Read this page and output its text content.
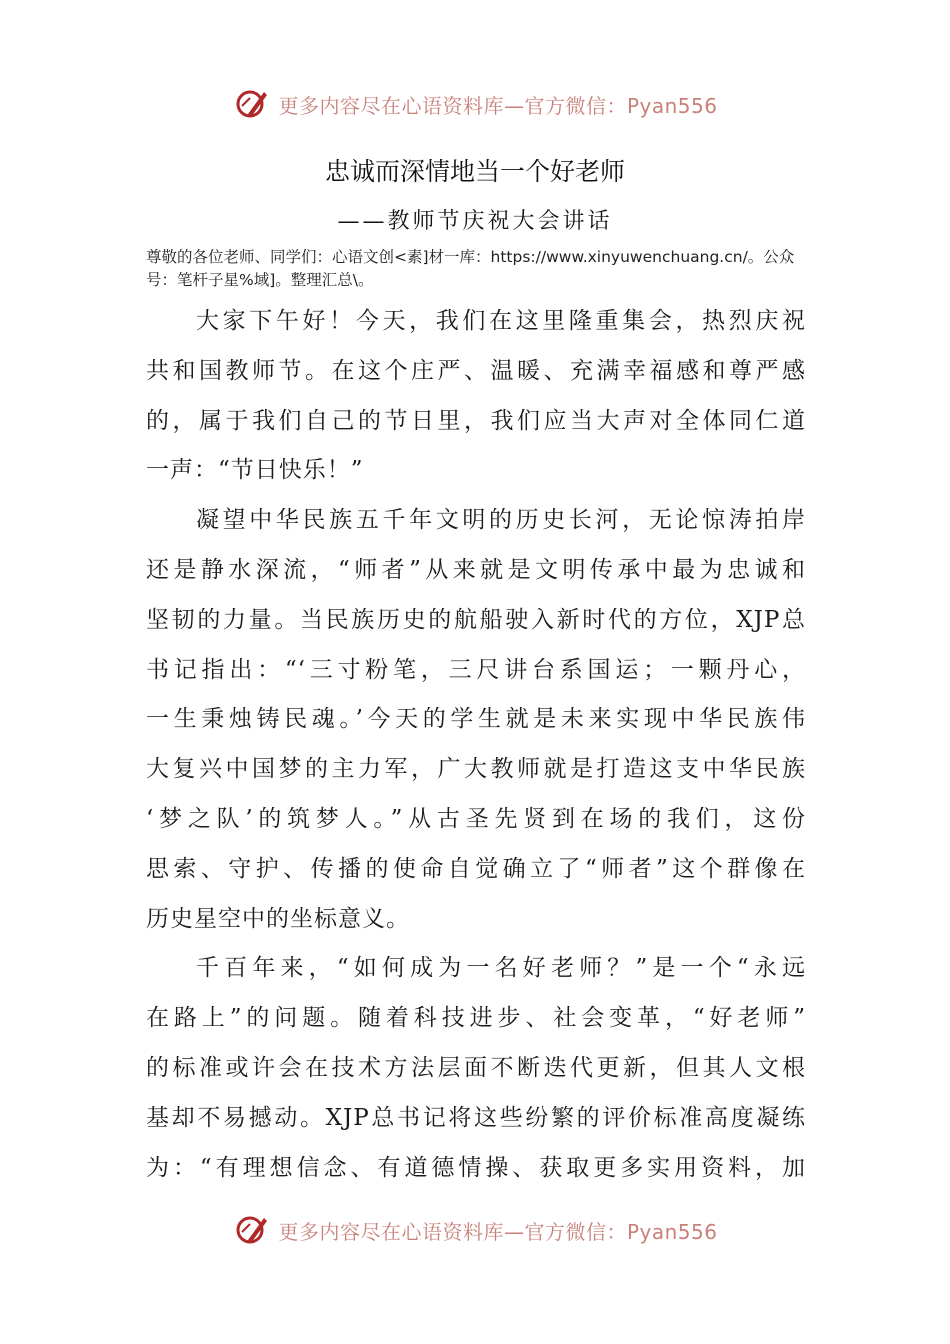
更多内容尽在心语资料库—官方微信：Pyan556
忠诚而深情地当一个好老师
——教师节庆祝大会讲话
尊敬的各位老师、同学们：心语文创<素]材一库：https://www.xinyuwenchuang.cn/。公众
号：笔杆子星%域]。整理汇总\。
大家下午好！今天，我们在这里隆重集会，热烈庆祝
共和国教师节。在这个庄严、温暖、充满幸福感和尊严感
的，属于我们自己的节日里，我们应当大声对全体同仁道
一声：“节日快乐！”
凝望中华民族五千年文明的历史长河，无论惊涛拍岸
还是静水深流，“师者”从来就是文明传承中最为忠诚和
坚韧的力量。当民族历史的航船驶入新时代的方位，XJP总
书记指出：“‘三寸粉笔，三尺讲台系国运；一颗丹心，
一生秉烛铸民魂。’今天的学生就是未来实现中华民族伟
大复兴中国梦的主力军，广大教师就是打造这支中华民族
‘梦之队’的筑梦人。”从古圣先贤到在场的我们，这份
思索、守护、传播的使命自觉确立了“师者”这个群像在
历史星空中的坐标意义。
千百年来，“如何成为一名好老师？”是一个“永远
在路上”的问题。随着科技进步、社会变革，“好老师”
的标准或许会在技术方法层面不断迭代更新，但其人文根
基却不易撼动。XJP总书记将这些纷繁的评价标准高度凝练
为：“有理想信念、有道德情操、获取更多实用资料，加
更多内容尽在心语资料库—官方微信：Pyan556
